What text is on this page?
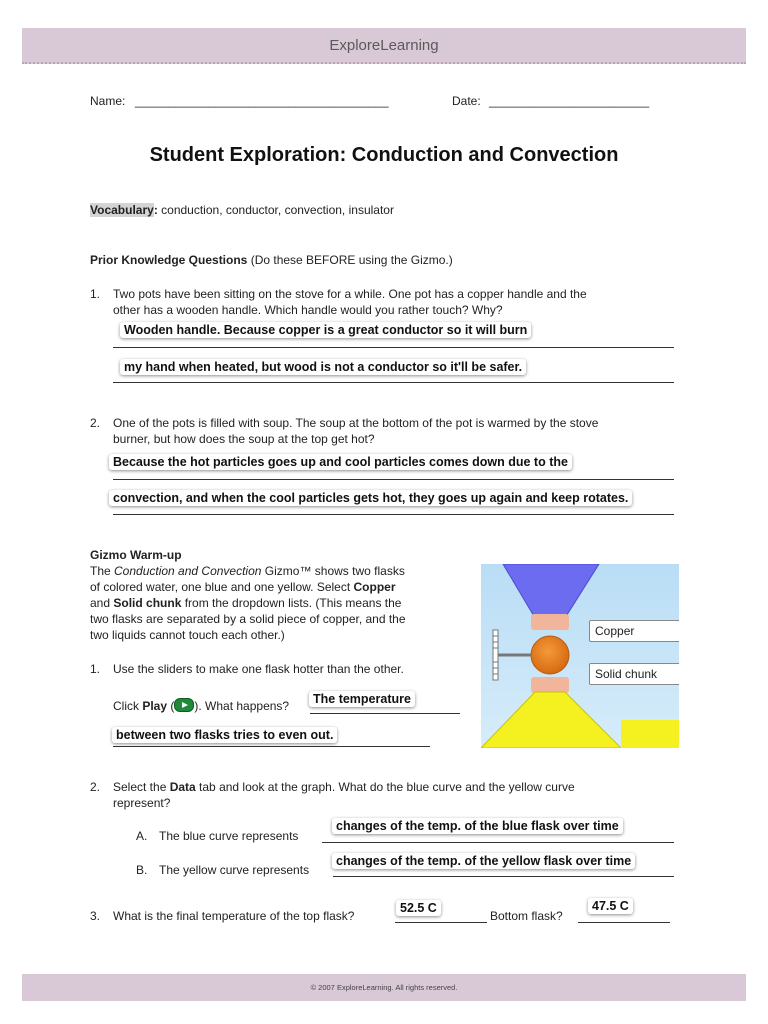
ExploreLearning
Name: ______________________________________	Date: ________________________
Student Exploration: Conduction and Convection
Vocabulary: conduction, conductor, convection, insulator
Prior Knowledge Questions (Do these BEFORE using the Gizmo.)
1. Two pots have been sitting on the stove for a while. One pot has a copper handle and the
other has a wooden handle. Which handle would you rather touch? Why?
Wooden handle. Because copper is a great conductor so it will burn
my hand when heated, but wood is not a conductor so it'll be safer.
2. One of the pots is filled with soup. The soup at the bottom of the pot is warmed by the stove
burner, but how does the soup at the top get hot?
Because the hot particles goes up and cool particles comes down due to the
convection, and when the cool particles gets hot, they goes up again and keep rotates.
Gizmo Warm-up
The Conduction and Convection Gizmo™ shows two flasks
of colored water, one blue and one yellow. Select Copper
and Solid chunk from the dropdown lists. (This means the
two flasks are separated by a solid piece of copper, and the
two liquids cannot touch each other.)
1. Use the sliders to make one flask hotter than the other.
Click Play ( ). What happens?	The temperature
between two flasks tries to even out.
Copper
Solid chunk
2. Select the Data tab and look at the graph. What do the blue curve and the yellow curve
represent?
A. The blue curve represents
changes of the temp. of the blue flask over time
B. The yellow curve represents
changes of the temp. of the yellow flask over time
3. What is the final temperature of the top flask?
52.5 C
Bottom flask?
47.5 C
© 2007 ExploreLearning. All rights reserved.
